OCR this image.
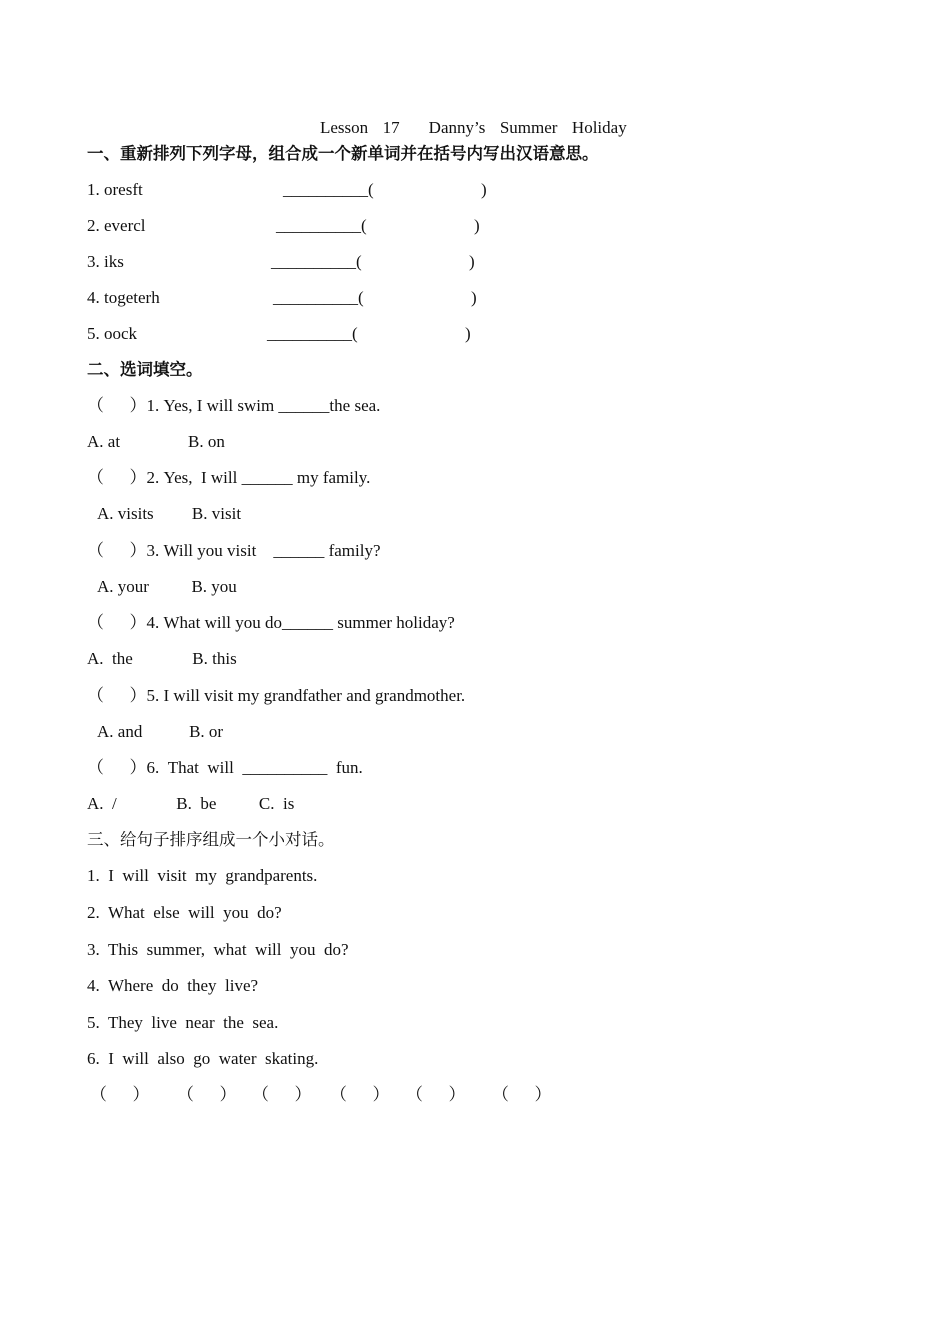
Lesson  17    Danny’s  Summer  Holiday
一、重新排列下列字母，组合成一个新单词并在括号内写出汉语意思。
1. oresft	__________(	)
2. evercl	__________(	)
3. iks	__________(	)
4. togeterh	__________(	)
5. oock	__________(	)
二、选词填空。
（      ）1. Yes, I will swim ______the sea.
A. at                B. on
（      ）2. Yes,  I will ______ my family.
A. visits         B. visit
（      ）3. Will you visit    ______ family?
A. your          B. you
（      ）4. What will you do______ summer holiday?
A.  the              B. this
（      ）5. I will visit my grandfather and grandmother.
A. and           B. or
（      ）6.  That  will  __________  fun.
A.  /              B.  be          C.  is
三、给句子排序组成一个小对话。
1.  I  will  visit  my  grandparents.
2.  What  else  will  you  do?
3.  This  summer,  what  will  you  do?
4.  Where  do  they  live?
5.  They  live  near  the  sea.
6.  I  will  also  go  water  skating.
（      ） （      ） （      ） （      ） （      ） （      ）
